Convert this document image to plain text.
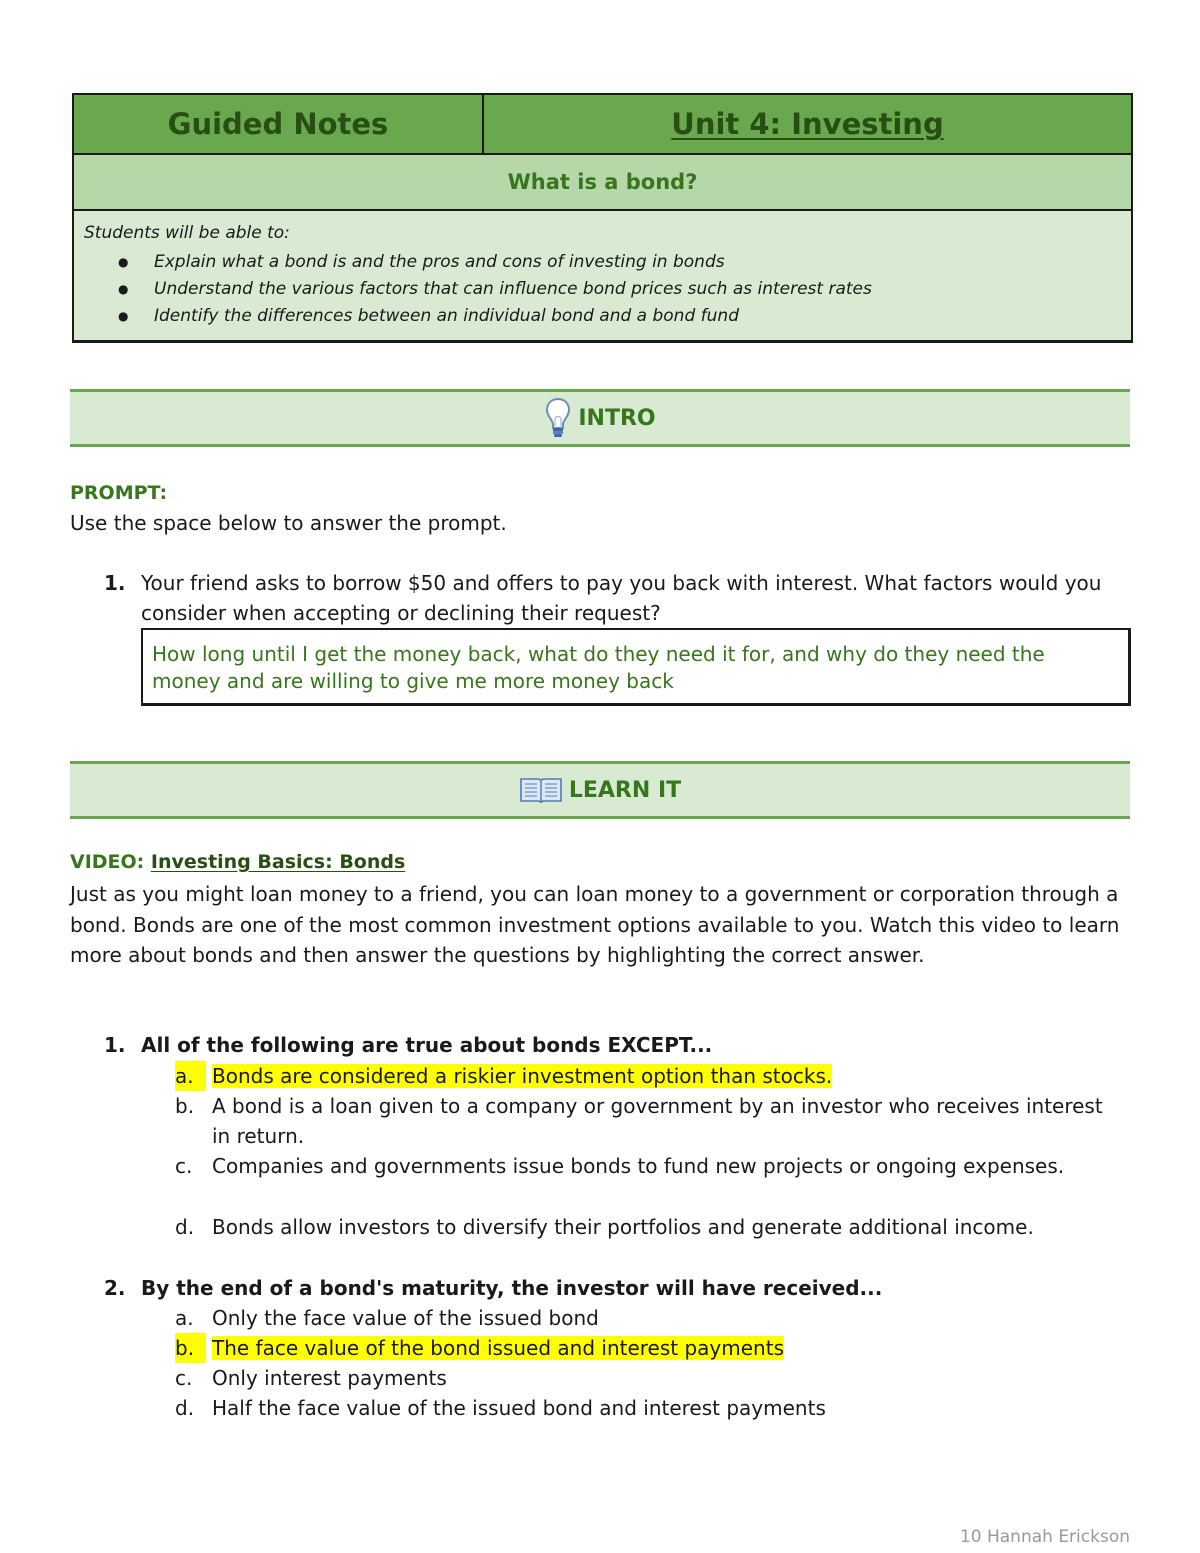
Guided Notes	Unit 4: Investing
What is a bond?
Students will be able to:
● Explain what a bond is and the pros and cons of investing in bonds
● Understand the various factors that can influence bond prices such as interest rates
● Identify the differences between an individual bond and a bond fund
INTRO
PROMPT:
Use the space below to answer the prompt.
1. Your friend asks to borrow $50 and offers to pay you back with interest. What factors would you consider when accepting or declining their request?
How long until I get the money back, what do they need it for, and why do they need the money and are willing to give me more money back
LEARN IT
VIDEO: Investing Basics: Bonds
Just as you might loan money to a friend, you can loan money to a government or corporation through a bond. Bonds are one of the most common investment options available to you. Watch this video to learn more about bonds and then answer the questions by highlighting the correct answer.
1. All of the following are true about bonds EXCEPT...
a. Bonds are considered a riskier investment option than stocks.
b. A bond is a loan given to a company or government by an investor who receives interest in return.
c. Companies and governments issue bonds to fund new projects or ongoing expenses.
d. Bonds allow investors to diversify their portfolios and generate additional income.
2. By the end of a bond's maturity, the investor will have received...
a. Only the face value of the issued bond
b. The face value of the bond issued and interest payments
c. Only interest payments
d. Half the face value of the issued bond and interest payments
10 Hannah Erickson
